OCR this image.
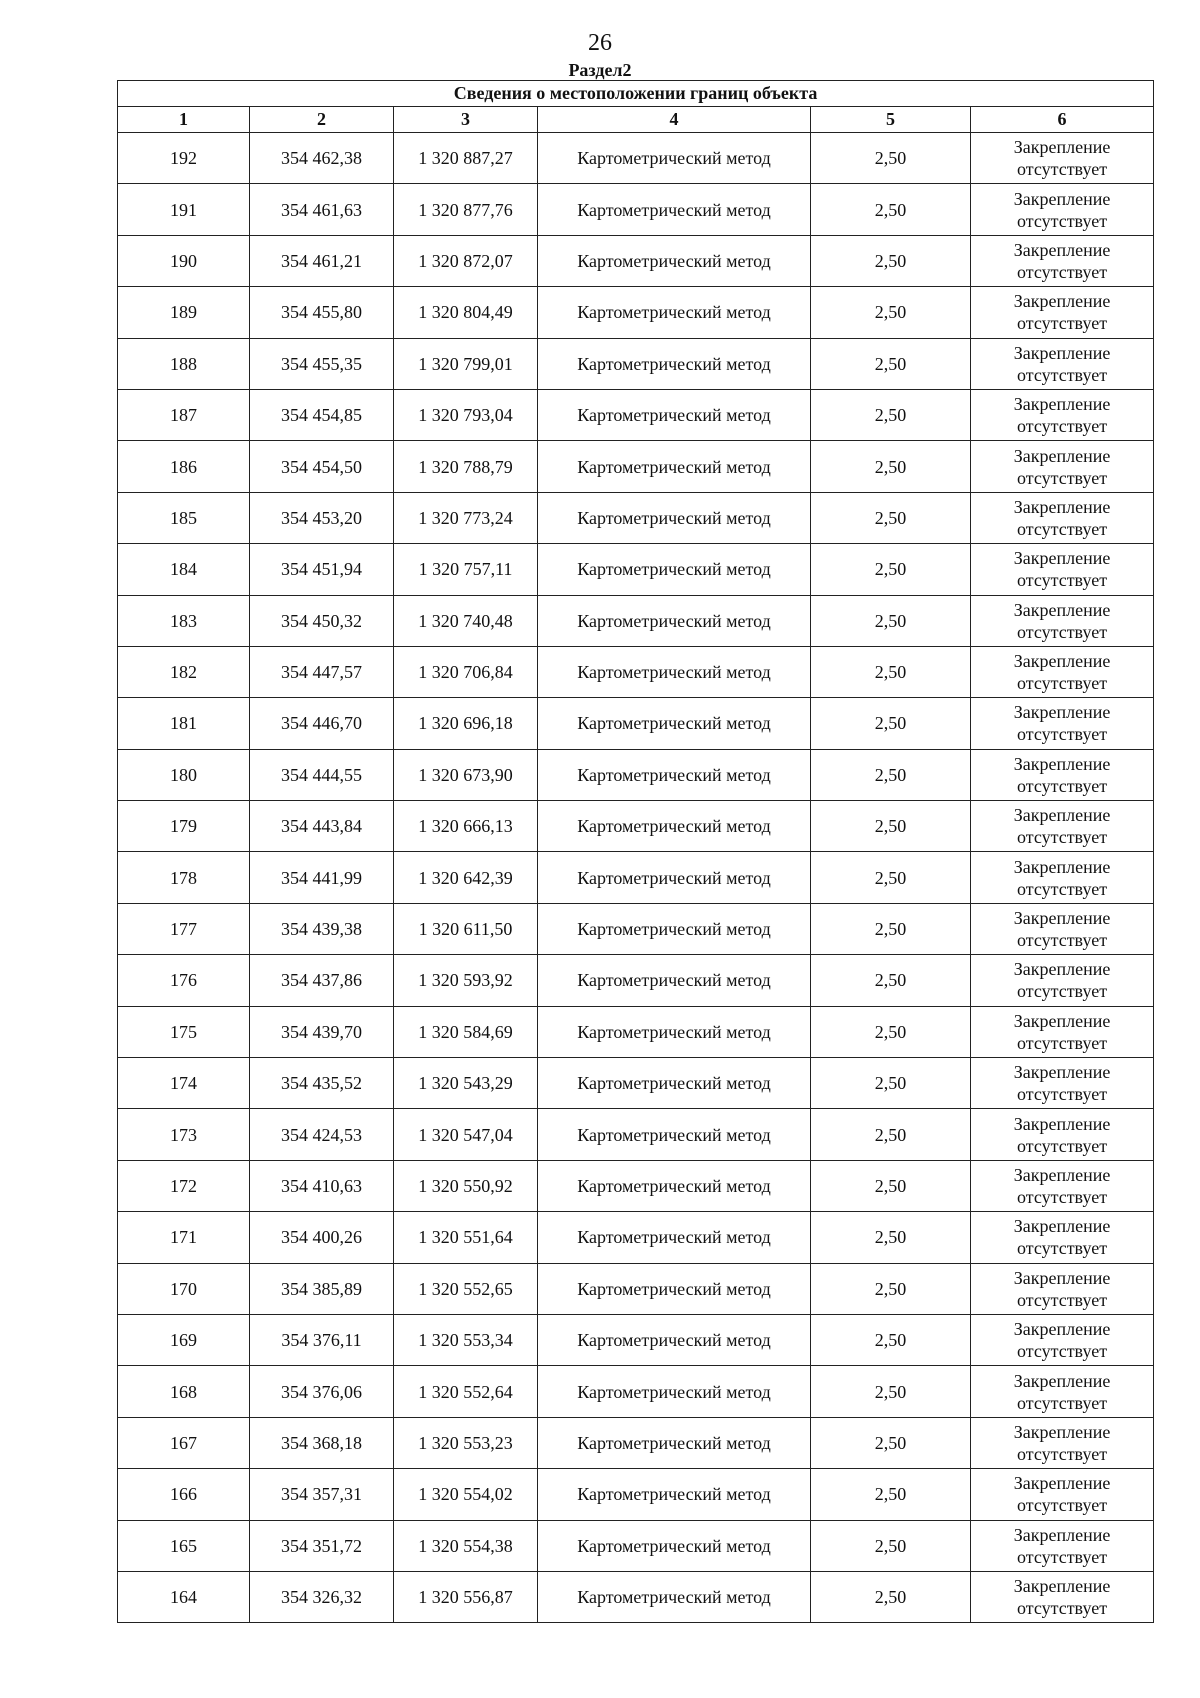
26
Раздел2
Сведения о местоположении границ объекта					
1	2	3	4	5	6
192	354 462,38	1 320 887,27	Картометрический метод	2,50	Закрепление
отсутствует

191	354 461,63	1 320 877,76	Картометрический метод	2,50	Закрепление
отсутствует

190	354 461,21	1 320 872,07	Картометрический метод	2,50	Закрепление
отсутствует

189	354 455,80	1 320 804,49	Картометрический метод	2,50	Закрепление
отсутствует

188	354 455,35	1 320 799,01	Картометрический метод	2,50	Закрепление
отсутствует

187	354 454,85	1 320 793,04	Картометрический метод	2,50	Закрепление
отсутствует

186	354 454,50	1 320 788,79	Картометрический метод	2,50	Закрепление
отсутствует

185	354 453,20	1 320 773,24	Картометрический метод	2,50	Закрепление
отсутствует

184	354 451,94	1 320 757,11	Картометрический метод	2,50	Закрепление
отсутствует

183	354 450,32	1 320 740,48	Картометрический метод	2,50	Закрепление
отсутствует

182	354 447,57	1 320 706,84	Картометрический метод	2,50	Закрепление
отсутствует

181	354 446,70	1 320 696,18	Картометрический метод	2,50	Закрепление
отсутствует

180	354 444,55	1 320 673,90	Картометрический метод	2,50	Закрепление
отсутствует

179	354 443,84	1 320 666,13	Картометрический метод	2,50	Закрепление
отсутствует

178	354 441,99	1 320 642,39	Картометрический метод	2,50	Закрепление
отсутствует

177	354 439,38	1 320 611,50	Картометрический метод	2,50	Закрепление
отсутствует

176	354 437,86	1 320 593,92	Картометрический метод	2,50	Закрепление
отсутствует

175	354 439,70	1 320 584,69	Картометрический метод	2,50	Закрепление
отсутствует

174	354 435,52	1 320 543,29	Картометрический метод	2,50	Закрепление
отсутствует

173	354 424,53	1 320 547,04	Картометрический метод	2,50	Закрепление
отсутствует

172	354 410,63	1 320 550,92	Картометрический метод	2,50	Закрепление
отсутствует

171	354 400,26	1 320 551,64	Картометрический метод	2,50	Закрепление
отсутствует

170	354 385,89	1 320 552,65	Картометрический метод	2,50	Закрепление
отсутствует

169	354 376,11	1 320 553,34	Картометрический метод	2,50	Закрепление
отсутствует

168	354 376,06	1 320 552,64	Картометрический метод	2,50	Закрепление
отсутствует

167	354 368,18	1 320 553,23	Картометрический метод	2,50	Закрепление
отсутствует

166	354 357,31	1 320 554,02	Картометрический метод	2,50	Закрепление
отсутствует

165	354 351,72	1 320 554,38	Картометрический метод	2,50	Закрепление
отсутствует

164	354 326,32	1 320 556,87	Картометрический метод	2,50	Закрепление
отсутствует
